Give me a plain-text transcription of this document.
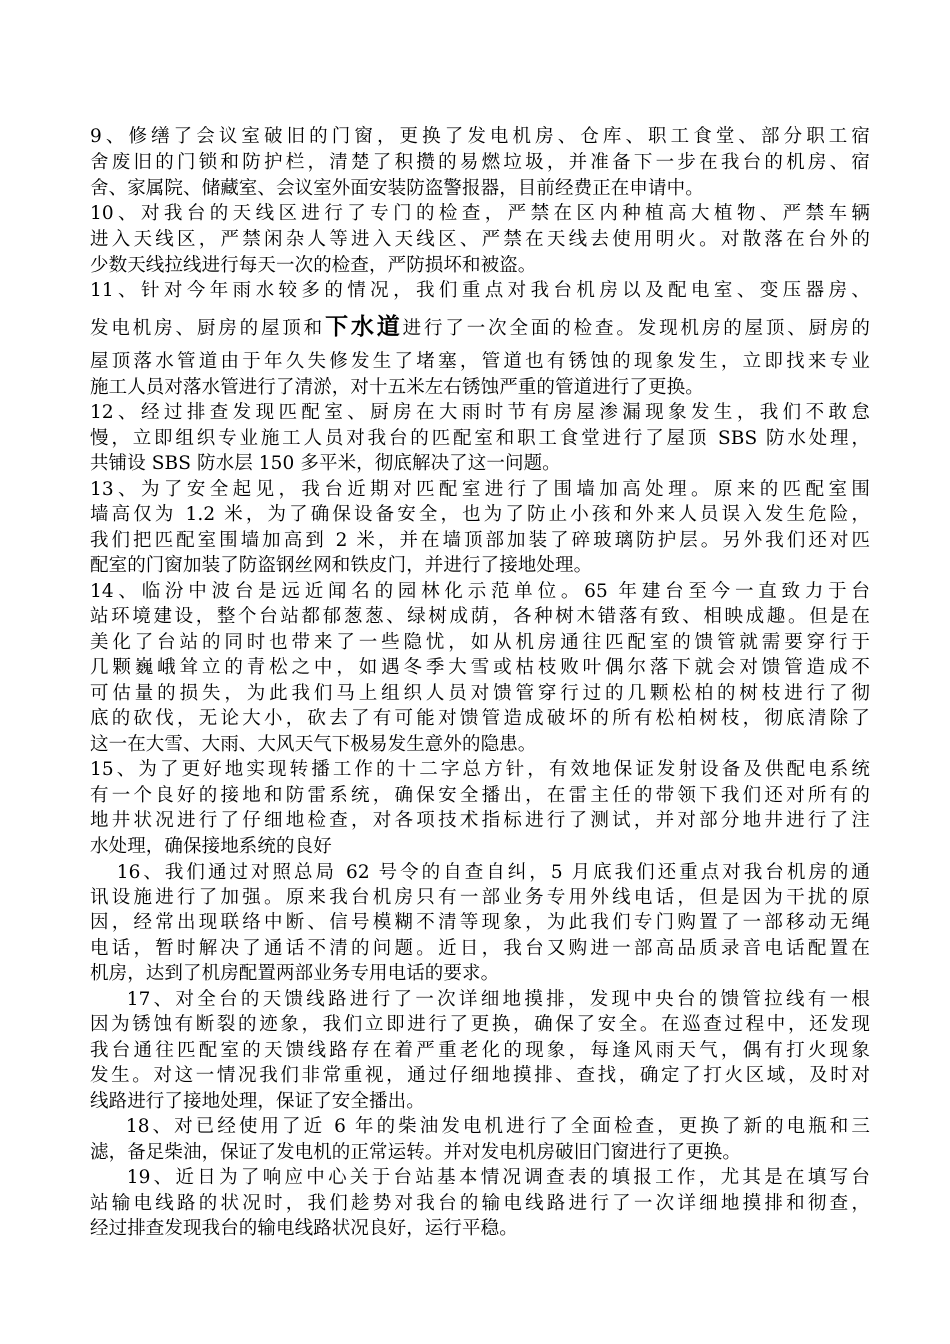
9、修缮了会议室破旧的门窗，更换了发电机房、仓库、职工食堂、部分职工宿
舍废旧的门锁和防护栏，清楚了积攒的易燃垃圾，并准备下一步在我台的机房、宿
舍、家属院、储藏室、会议室外面安装防盗警报器，目前经费正在申请中。
10、对我台的天线区进行了专门的检查，严禁在区内种植高大植物、严禁车辆
进入天线区，严禁闲杂人等进入天线区、严禁在天线去使用明火。对散落在台外的
少数天线拉线进行每天一次的检查，严防损坏和被盗。
11、针对今年雨水较多的情况，我们重点对我台机房以及配电室、变压器房、
发电机房、厨房的屋顶和下水道进行了一次全面的检查。发现机房的屋顶、厨房的
屋顶落水管道由于年久失修发生了堵塞，管道也有锈蚀的现象发生，立即找来专业
施工人员对落水管进行了清淤，对十五米左右锈蚀严重的管道进行了更换。
12、经过排查发现匹配室、厨房在大雨时节有房屋渗漏现象发生，我们不敢怠
慢，立即组织专业施工人员对我台的匹配室和职工食堂进行了屋顶 SBS 防水处理，
共铺设 SBS 防水层 150 多平米，彻底解决了这一问题。
13、为了安全起见，我台近期对匹配室进行了围墙加高处理。原来的匹配室围
墙高仅为 1.2 米，为了确保设备安全，也为了防止小孩和外来人员误入发生危险，
我们把匹配室围墙加高到 2 米，并在墙顶部加装了碎玻璃防护层。另外我们还对匹
配室的门窗加装了防盗钢丝网和铁皮门，并进行了接地处理。
14、临汾中波台是远近闻名的园林化示范单位。65 年建台至今一直致力于台
站环境建设，整个台站都郁葱葱、绿树成荫，各种树木错落有致、相映成趣。但是在
美化了台站的同时也带来了一些隐忧，如从机房通往匹配室的馈管就需要穿行于
几颗巍峨耸立的青松之中，如遇冬季大雪或枯枝败叶偶尔落下就会对馈管造成不
可估量的损失，为此我们马上组织人员对馈管穿行过的几颗松柏的树枝进行了彻
底的砍伐，无论大小，砍去了有可能对馈管造成破坏的所有松柏树枝，彻底清除了
这一在大雪、大雨、大风天气下极易发生意外的隐患。
15、为了更好地实现转播工作的十二字总方针，有效地保证发射设备及供配电系统
有一个良好的接地和防雷系统，确保安全播出，在雷主任的带领下我们还对所有的
地井状况进行了仔细地检查，对各项技术指标进行了测试，并对部分地井进行了注
水处理，确保接地系统的良好
16、我们通过对照总局 62 号令的自查自纠，5 月底我们还重点对我台机房的通
讯设施进行了加强。原来我台机房只有一部业务专用外线电话，但是因为干扰的原
因，经常出现联络中断、信号模糊不清等现象，为此我们专门购置了一部移动无绳
电话，暂时解决了通话不清的问题。近日，我台又购进一部高品质录音电话配置在
机房，达到了机房配置两部业务专用电话的要求。
17、对全台的天馈线路进行了一次详细地摸排，发现中央台的馈管拉线有一根
因为锈蚀有断裂的迹象，我们立即进行了更换，确保了安全。在巡查过程中，还发现
我台通往匹配室的天馈线路存在着严重老化的现象，每逢风雨天气，偶有打火现象
发生。对这一情况我们非常重视，通过仔细地摸排、查找，确定了打火区域，及时对
线路进行了接地处理，保证了安全播出。
18、对已经使用了近 6 年的柴油发电机进行了全面检查，更换了新的电瓶和三
滤，备足柴油，保证了发电机的正常运转。并对发电机房破旧门窗进行了更换。
19、近日为了响应中心关于台站基本情况调查表的填报工作，尤其是在填写台
站输电线路的状况时，我们趁势对我台的输电线路进行了一次详细地摸排和彻查，
经过排查发现我台的输电线路状况良好，运行平稳。
